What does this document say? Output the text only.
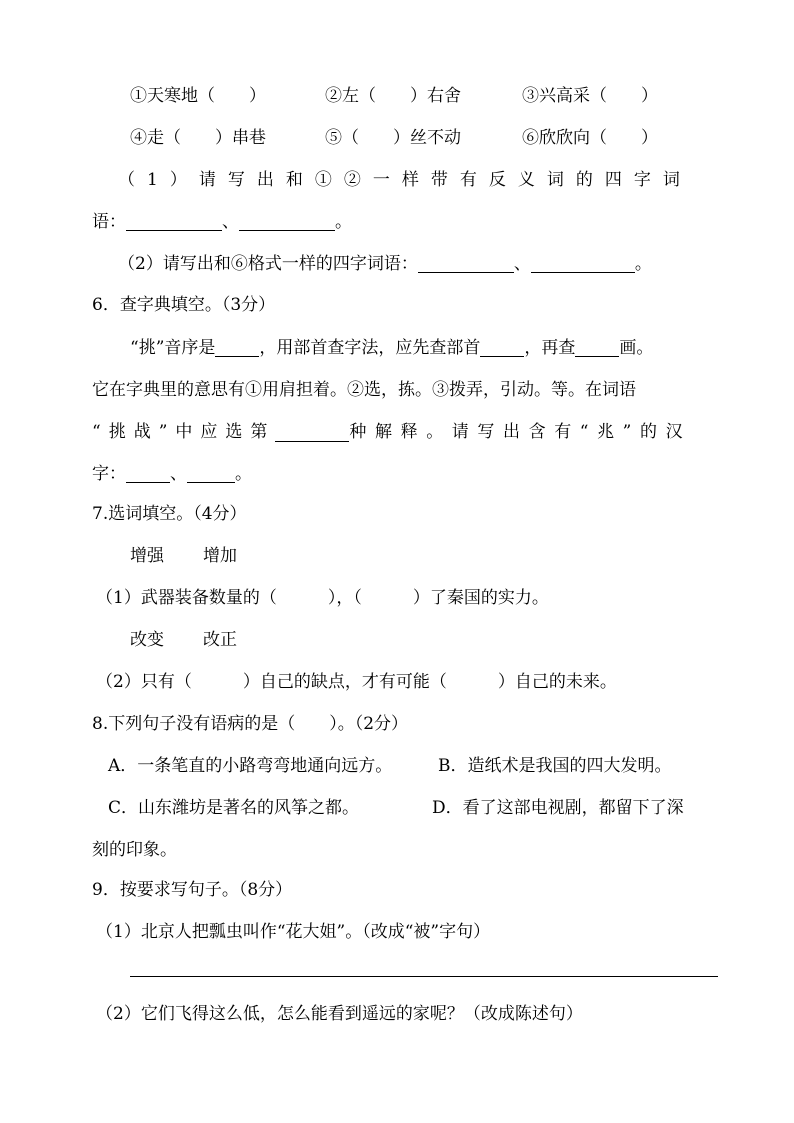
①天寒地（　　）	②左（　　）右舍	③兴高采（　　）
④走（　　）串巷	⑤（　　）丝不动	⑥欣欣向（　　）
（1）请写出和①②一样带有反义词的四字词
语：	、	。
（2）请写出和⑥格式一样的四字词语：	、	。
6．查字典填空。（3分）
“挑”音序是	，用部首查字法，应先查部首	，再查	画。
它在字典里的意思有①用肩担着。②选，拣。③拨弄，引动。等。在词语
“挑战”中应选第	种解释。请写出含有“兆”的汉
字：	、	。
7.选词填空。（4分）
增强 增加
（1）武器装备数量的（　　　），（　　　）了秦国的实力。
改变 改正
（2）只有（　　　）自己的缺点，才有可能（　　　）自己的未来。
8.下列句子没有语病的是（　　）。（2分）
A．一条笔直的小路弯弯地通向远方。	B．造纸术是我国的四大发明。
C．山东潍坊是著名的风筝之都。	D．看了这部电视剧，都留下了深
刻的印象。
9．按要求写句子。（8分）
（1）北京人把瓢虫叫作“花大姐”。（改成“被”字句）
（2）它们飞得这么低，怎么能看到遥远的家呢？（改成陈述句）
